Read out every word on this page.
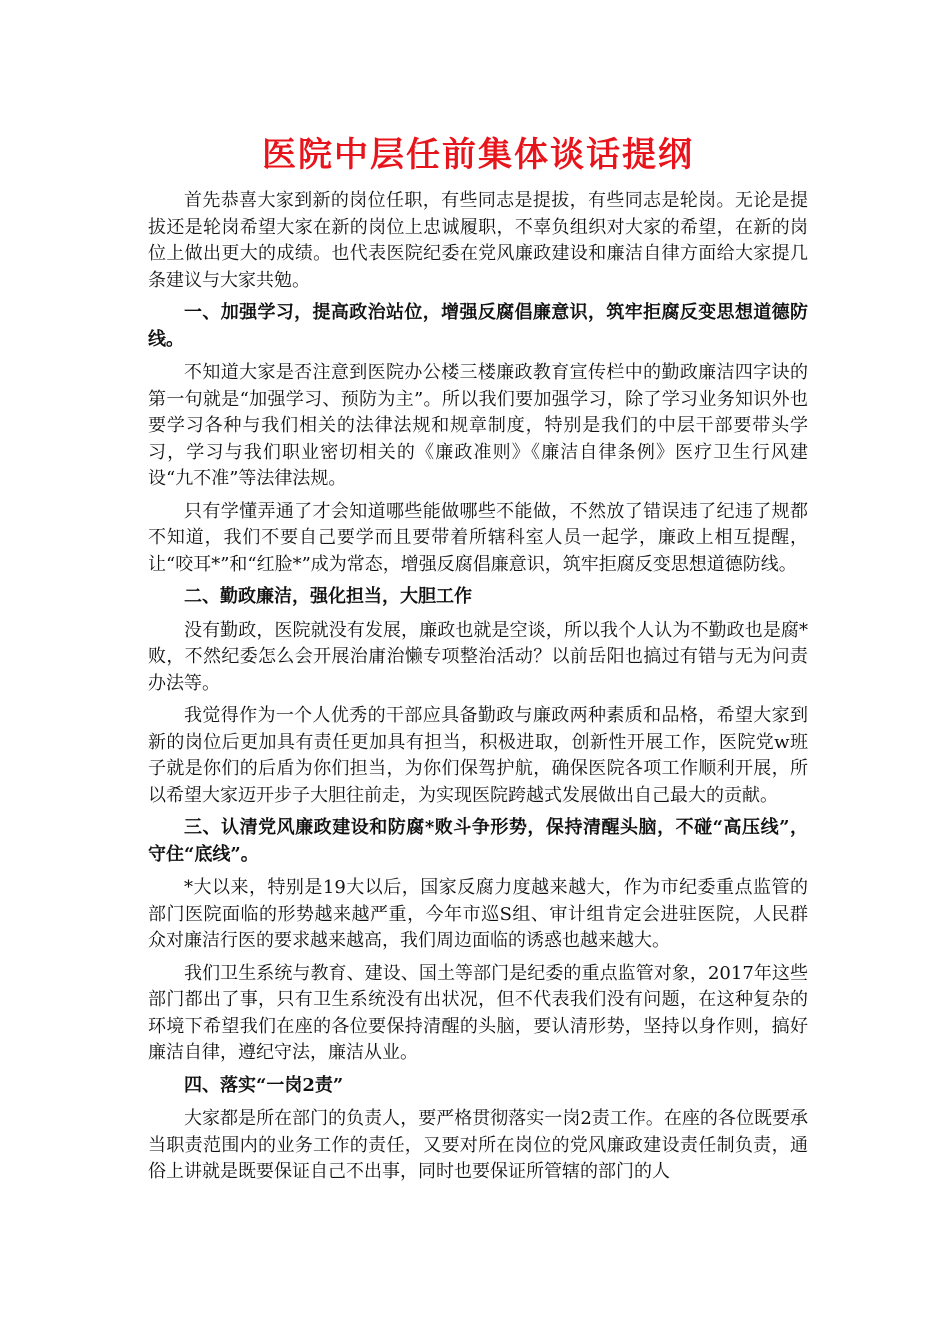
医院中层任前集体谈话提纲

首先恭喜大家到新的岗位任职，有些同志是提拔，有些同志是轮岗。无论是提拔还是轮岗希望大家在新的岗位上忠诚履职，不辜负组织对大家的希望，在新的岗位上做出更大的成绩。也代表医院纪委在党风廉政建设和廉洁自律方面给大家提几条建议与大家共勉。

一、加强学习，提高政治站位，增强反腐倡廉意识，筑牢拒腐反变思想道德防线。

不知道大家是否注意到医院办公楼三楼廉政教育宣传栏中的勤政廉洁四字诀的第一句就是“加强学习、预防为主”。所以我们要加强学习，除了学习业务知识外也要学习各种与我们相关的法律法规和规章制度，特别是我们的中层干部要带头学习，学习与我们职业密切相关的《廉政准则》《廉洁自律条例》医疗卫生行风建设“九不准”等法律法规。

只有学懂弄通了才会知道哪些能做哪些不能做，不然放了错误违了纪违了规都不知道，我们不要自己要学而且要带着所辖科室人员一起学，廉政上相互提醒，让“咬耳*”和“红脸*”成为常态，增强反腐倡廉意识，筑牢拒腐反变思想道德防线。

二、勤政廉洁，强化担当，大胆工作

没有勤政，医院就没有发展，廉政也就是空谈，所以我个人认为不勤政也是腐*败，不然纪委怎么会开展治庸治懒专项整治活动？以前岳阳也搞过有错与无为问责办法等。

我觉得作为一个人优秀的干部应具备勤政与廉政两种素质和品格，希望大家到新的岗位后更加具有责任更加具有担当，积极进取，创新性开展工作，医院党w班子就是你们的后盾为你们担当，为你们保驾护航，确保医院各项工作顺利开展，所以希望大家迈开步子大胆往前走，为实现医院跨越式发展做出自己最大的贡献。

三、认清党风廉政建设和防腐*败斗争形势，保持清醒头脑，不碰“高压线”，守住“底线”。

*大以来，特别是19大以后，国家反腐力度越来越大，作为市纪委重点监管的部门医院面临的形势越来越严重，今年市巡S组、审计组肯定会进驻医院，人民群众对廉洁行医的要求越来越高，我们周边面临的诱惑也越来越大。

我们卫生系统与教育、建设、国土等部门是纪委的重点监管对象，2017年这些部门都出了事，只有卫生系统没有出状况，但不代表我们没有问题，在这种复杂的环境下希望我们在座的各位要保持清醒的头脑，要认清形势，坚持以身作则，搞好廉洁自律，遵纪守法，廉洁从业。

四、落实“一岗2责”

大家都是所在部门的负责人，要严格贯彻落实一岗2责工作。在座的各位既要承当职责范围内的业务工作的责任，又要对所在岗位的党风廉政建设责任制负责，通俗上讲就是既要保证自己不出事，同时也要保证所管辖的部门的人
